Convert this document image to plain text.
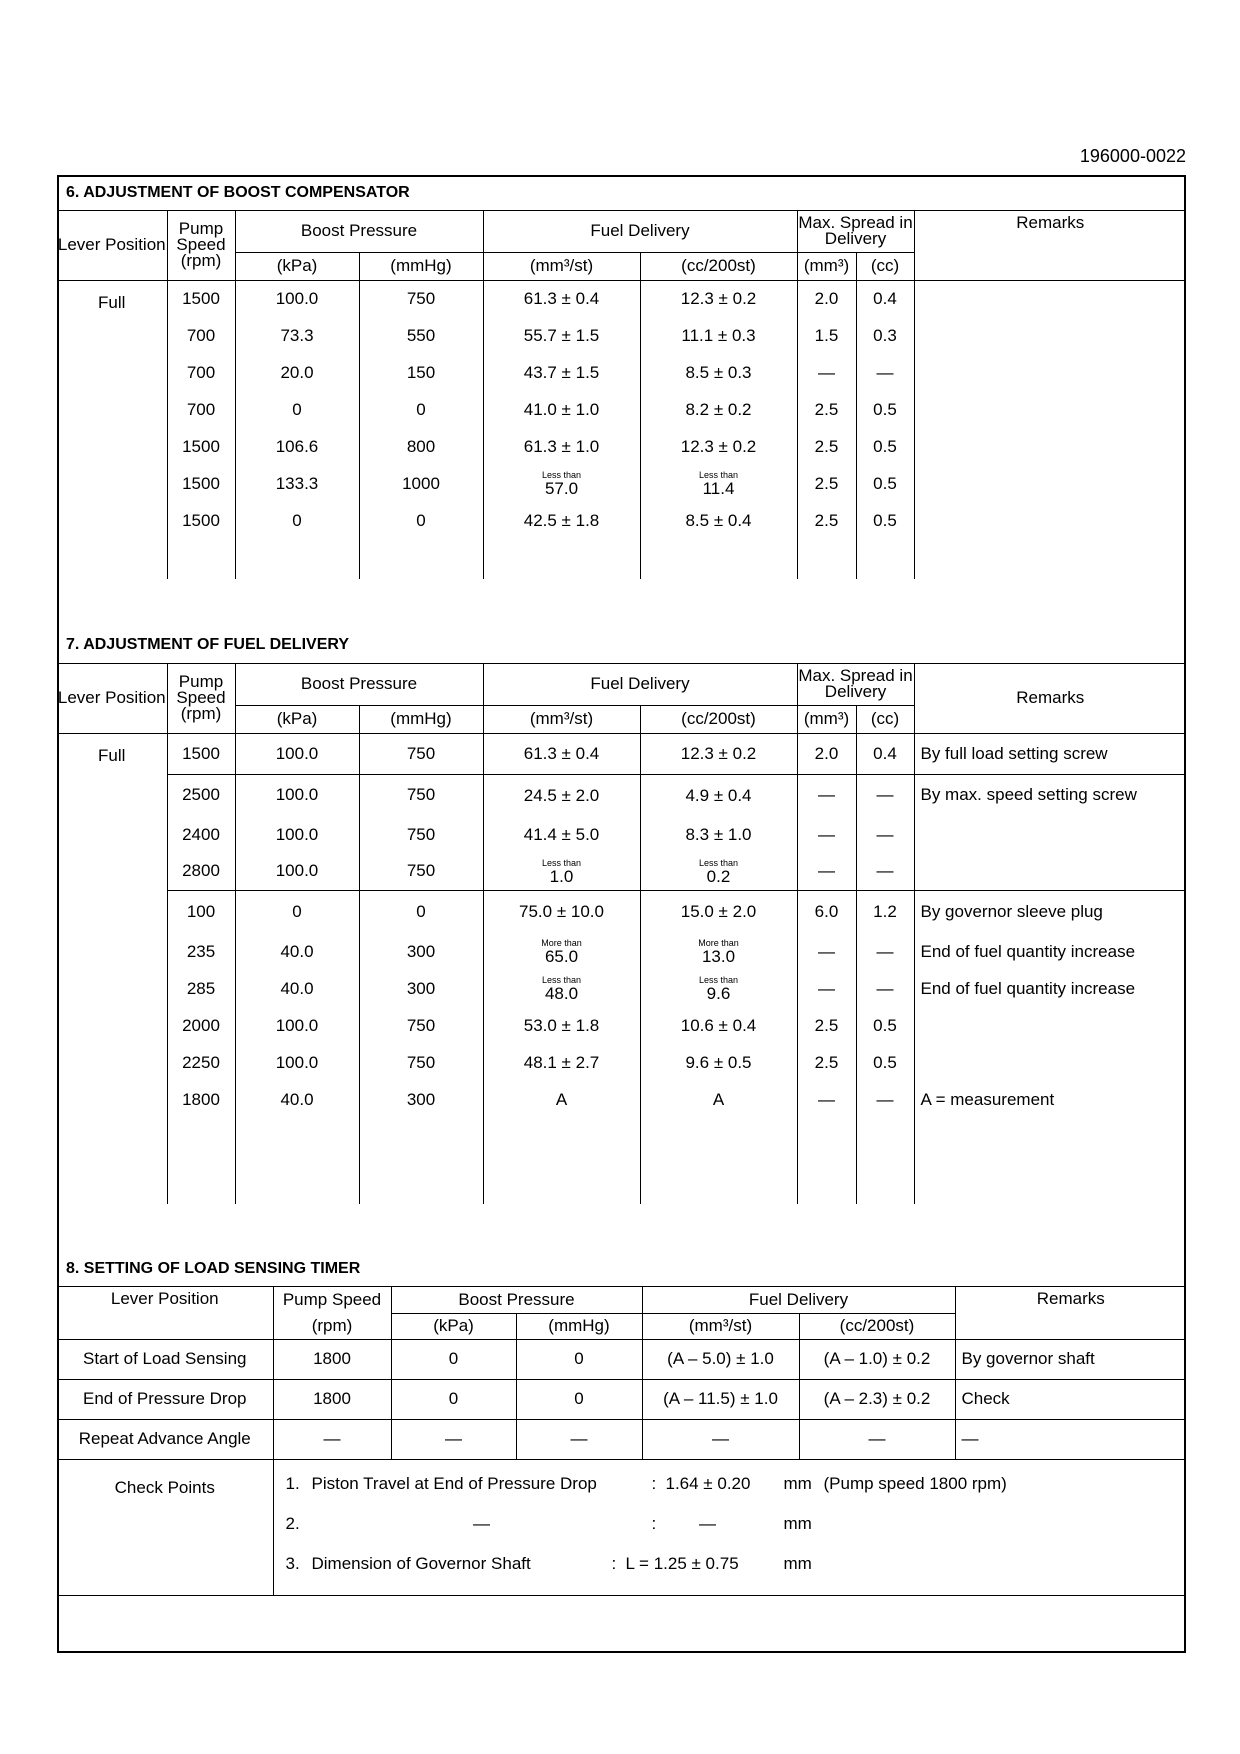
196000-0022
6. ADJUSTMENT OF BOOST COMPENSATOR								
Lever Position	Pump Speed (rpm)	Boost Pressure		Fuel Delivery		Max. Spread in Delivery		Remarks
		(kPa)	(mmHg)	(mm³/st)	(cc/200st)	(mm³)	(cc)	
Full	1500	100.0	750	61.3 ± 0.4	12.3 ± 0.2	2.0	0.4	
	700	73.3	550	55.7 ± 1.5	11.1 ± 0.3	1.5	0.3	
	700	20.0	150	43.7 ± 1.5	8.5 ± 0.3	—	—	
	700	0	0	41.0 ± 1.0	8.2 ± 0.2	2.5	0.5	
	1500	106.6	800	61.3 ± 1.0	12.3 ± 0.2	2.5	0.5	
	1500	133.3	1000	Less than
57.0	Less than
11.4	2.5	0.5	
	1500	0	0	42.5 ± 1.8	8.5 ± 0.4	2.5	0.5	

7. ADJUSTMENT OF FUEL DELIVERY								
Lever Position	Pump Speed (rpm)	Boost Pressure		Fuel Delivery		Max. Spread in Delivery		Remarks
		(kPa)	(mmHg)	(mm³/st)	(cc/200st)	(mm³)	(cc)	
Full	1500	100.0	750	61.3 ± 0.4	12.3 ± 0.2	2.0	0.4	By full load setting screw
	2500	100.0	750	24.5 ± 2.0	4.9 ± 0.4	—	—	By max. speed setting screw
	2400	100.0	750	41.4 ± 5.0	8.3 ± 1.0	—	—	
	2800	100.0	750	Less than
1.0	Less than
0.2	—	—	
	100	0	0	75.0 ± 10.0	15.0 ± 2.0	6.0	1.2	By governor sleeve plug
	235	40.0	300	More than
65.0	More than
13.0	—	—	End of fuel quantity increase
	285	40.0	300	Less than
48.0	Less than
9.6	—	—	End of fuel quantity increase
	2000	100.0	750	53.0 ± 1.8	10.6 ± 0.4	2.5	0.5	
	2250	100.0	750	48.1 ± 2.7	9.6 ± 0.5	2.5	0.5	
	1800	40.0	300	A	A	—	—	A = measurement

8. SETTING OF LOAD SENSING TIMER						
Lever Position	Pump Speed	Boost Pressure		Fuel Delivery		Remarks
	(rpm)	(kPa)	(mmHg)	(mm³/st)	(cc/200st)	
Start of Load Sensing	1800	0	0	(A – 5.0) ± 1.0	(A – 1.0) ± 0.2	By governor shaft
End of Pressure Drop	1800	0	0	(A – 11.5) ± 1.0	(A – 2.3) ± 0.2	Check
Repeat Advance Angle	—	—	—	—	—	—
Check Points	1. Piston Travel at End of Pressure Drop : 1.64 ± 0.20 mm (Pump speed 1800 rpm)
2. — : — mm
3. Dimension of Governor Shaft : L = 1.25 ± 0.75 mm					
